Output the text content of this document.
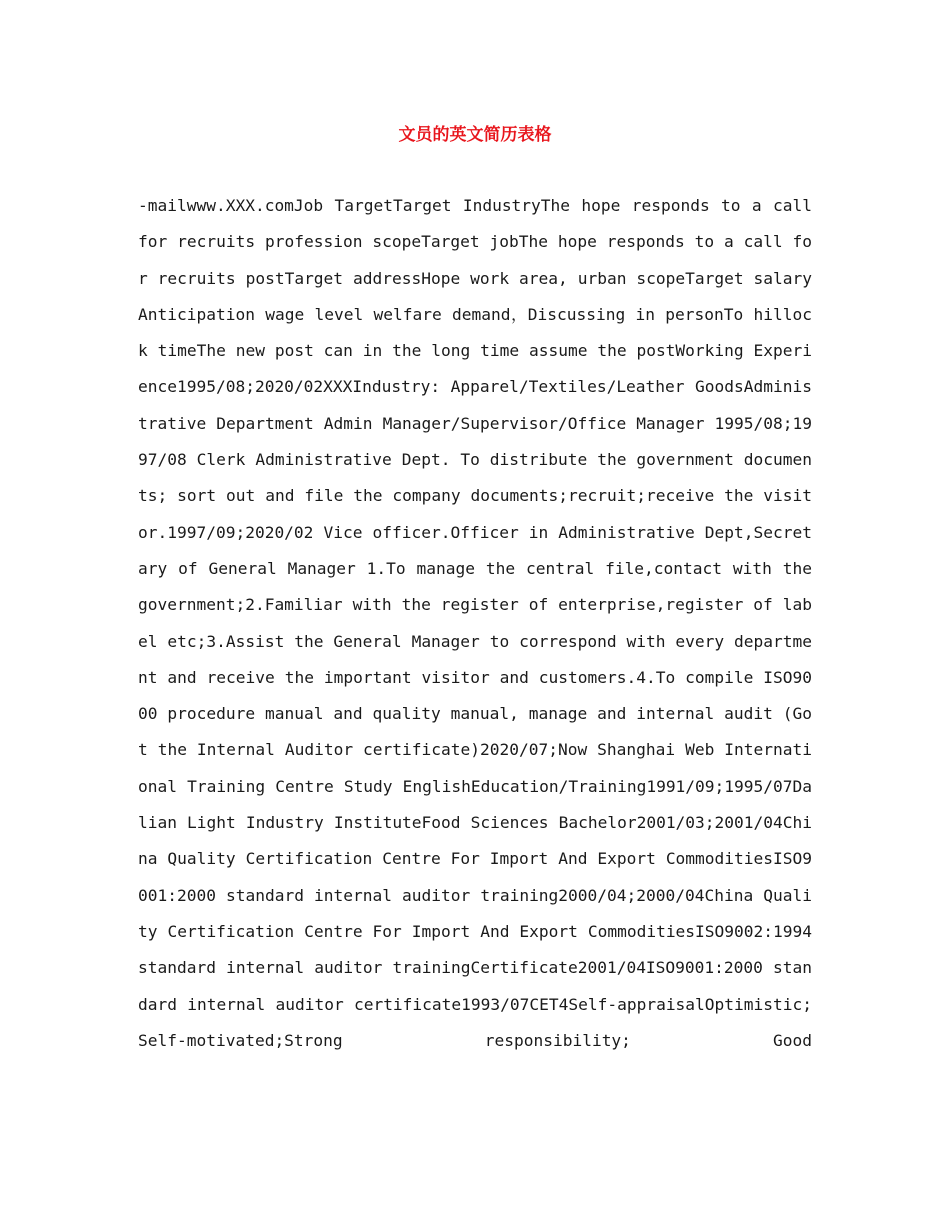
文员的英文简历表格

-mailwww.XXX.comJob TargetTarget IndustryThe hope responds to a call for recruits profession scopeTarget jobThe hope responds to a call for recruits postTarget addressHope work area, urban scopeTarget salaryAnticipation wage level welfare demand，Discussing in personTo hillock timeThe new post can in the long time assume the postWorking Experience1995/08;2020/02XXXIndustry: Apparel/Textiles/Leather GoodsAdministrative Department Admin Manager/Supervisor/Office Manager 1995/08;1997/08 Clerk Administrative Dept. To distribute the government documents; sort out and file the company documents;recruit;receive the visitor.1997/09;2020/02 Vice officer.Officer in Administrative Dept,Secretary of General Manager 1.To manage the central file,contact with the government;2.Familiar with the register of enterprise,register of label etc;3.Assist the General Manager to correspond with every department and receive the important visitor and customers.4.To compile ISO9000 procedure manual and quality manual, manage and internal audit (Got the Internal Auditor certificate)2020/07;Now Shanghai Web International Training Centre Study EnglishEducation/Training1991/09;1995/07Dalian Light Industry InstituteFood Sciences Bachelor2001/03;2001/04China Quality Certification Centre For Import And Export CommoditiesISO9001:2000 standard internal auditor training2000/04;2000/04China Quality Certification Centre For Import And Export CommoditiesISO9002:1994 standard internal auditor trainingCertificate2001/04ISO9001:2000 standard internal auditor certificate1993/07CET4Self-appraisalOptimistic;Self-motivated;Strong responsibility; Good
